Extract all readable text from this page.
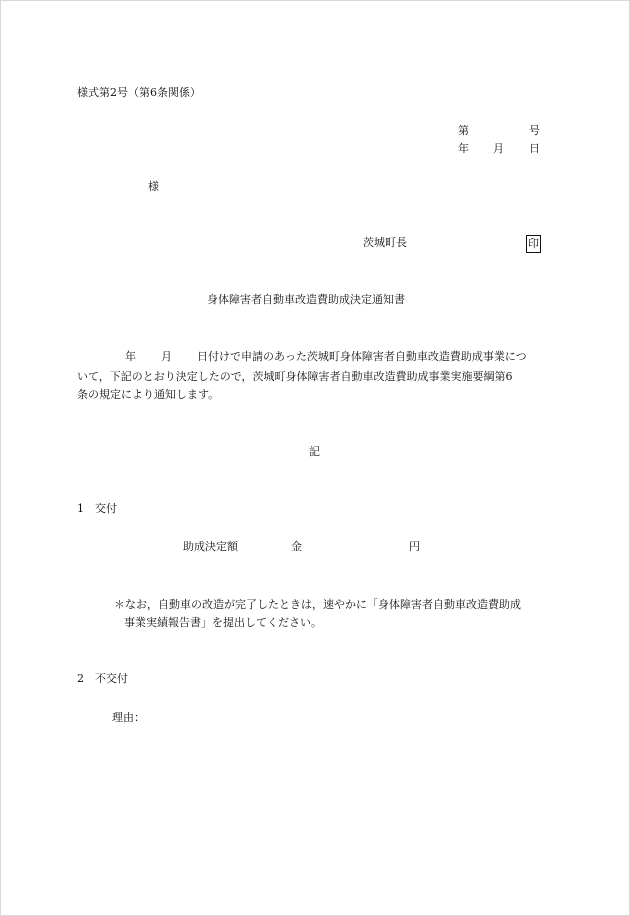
様式第2号（第6条関係）
第	号
年 月 日
様
茨城町長	印
身体障害者自動車改造費助成決定通知書
年 月 日付けで申請のあった茨城町身体障害者自動車改造費助成事業につ
いて，下記のとおり決定したので，茨城町身体障害者自動車改造費助成事業実施要綱第6
条の規定により通知します。
記
1　交付
助成決定額	金	円
＊なお，自動車の改造が完了したときは，速やかに「身体障害者自動車改造費助成
事業実績報告書」を提出してください。
2　不交付
理由：
